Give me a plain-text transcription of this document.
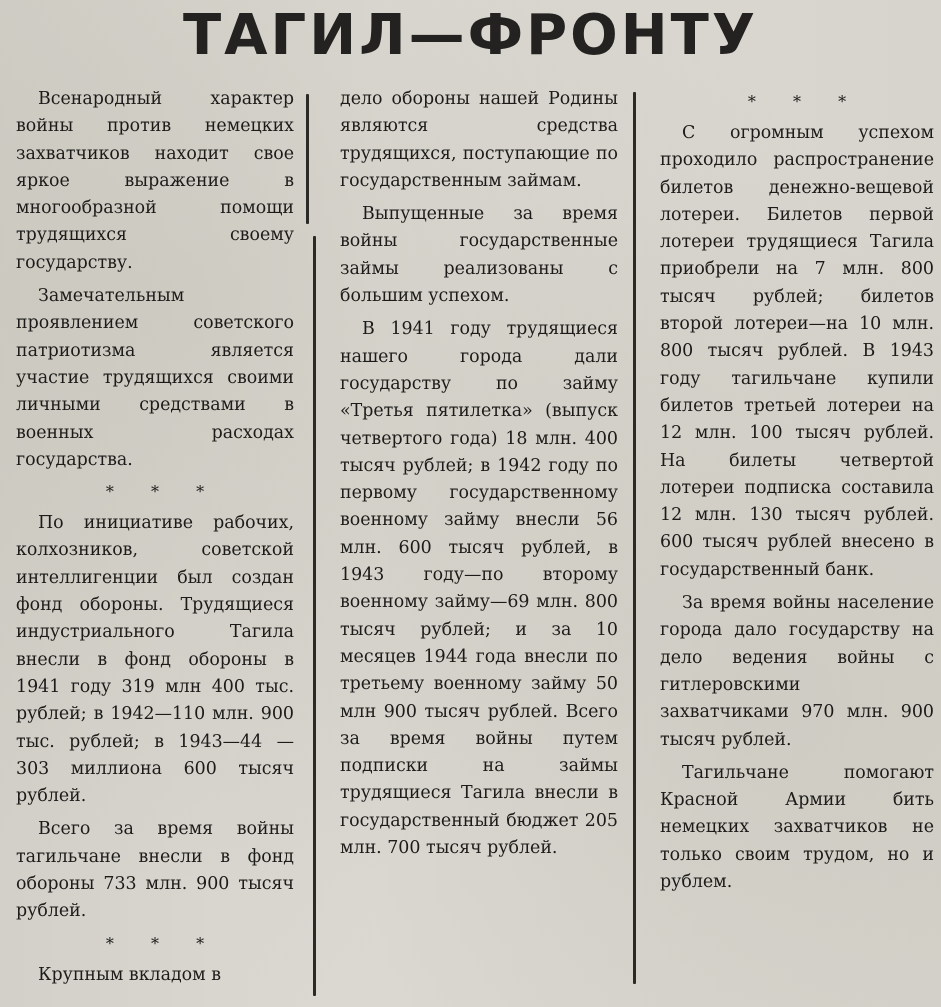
ТАГИЛ—ФРОНТУ

Всенародный характер войны против немецких захватчиков находит свое яркое выражение в многообразной помощи трудящихся своему государству.

Замечательным проявлением советского патриотизма является участие трудящихся своими личными средствами в военных расходах государства.

* * *

По инициативе рабочих, колхозников, советской интеллигенции был создан фонд обороны. Трудящиеся индустриального Тагила внесли в фонд обороны в 1941 году 319 млн 400 тыс. рублей; в 1942—110 млн. 900 тыс. рублей; в 1943—44 — 303 миллиона 600 тысяч рублей.

Всего за время войны тагильчане внесли в фонд обороны 733 млн. 900 тысяч рублей.

* * *

Крупным вкладом в

дело обороны нашей Родины являются средства трудящихся, поступающие по государственным займам.

Выпущенные за время войны государственные займы реализованы с большим успехом.

В 1941 году трудящиеся нашего города дали государству по займу «Третья пятилетка» (выпуск четвертого года) 18 млн. 400 тысяч рублей; в 1942 году по первому государственному военному займу внесли 56 млн. 600 тысяч рублей, в 1943 году—по второму военному займу—69 млн. 800 тысяч рублей; и за 10 месяцев 1944 года внесли по третьему военному займу 50 млн 900 тысяч рублей. Всего за время войны путем подписки на займы трудящиеся Тагила внесли в государственный бюджет 205 млн. 700 тысяч рублей.

* * *

С огромным успехом проходило распространение билетов денежно-вещевой лотереи. Билетов первой лотереи трудящиеся Тагила приобрели на 7 млн. 800 тысяч рублей; билетов второй лотереи—на 10 млн. 800 тысяч рублей. В 1943 году тагильчане купили билетов третьей лотереи на 12 млн. 100 тысяч рублей. На билеты четвертой лотереи подписка составила 12 млн. 130 тысяч рублей. 600 тысяч рублей внесено в государственный банк.

За время войны население города дало государству на дело ведения войны с гитлеровскими захватчиками 970 млн. 900 тысяч рублей.

Тагильчане помогают Красной Армии бить немецких захватчиков не только своим трудом, но и рублем.
